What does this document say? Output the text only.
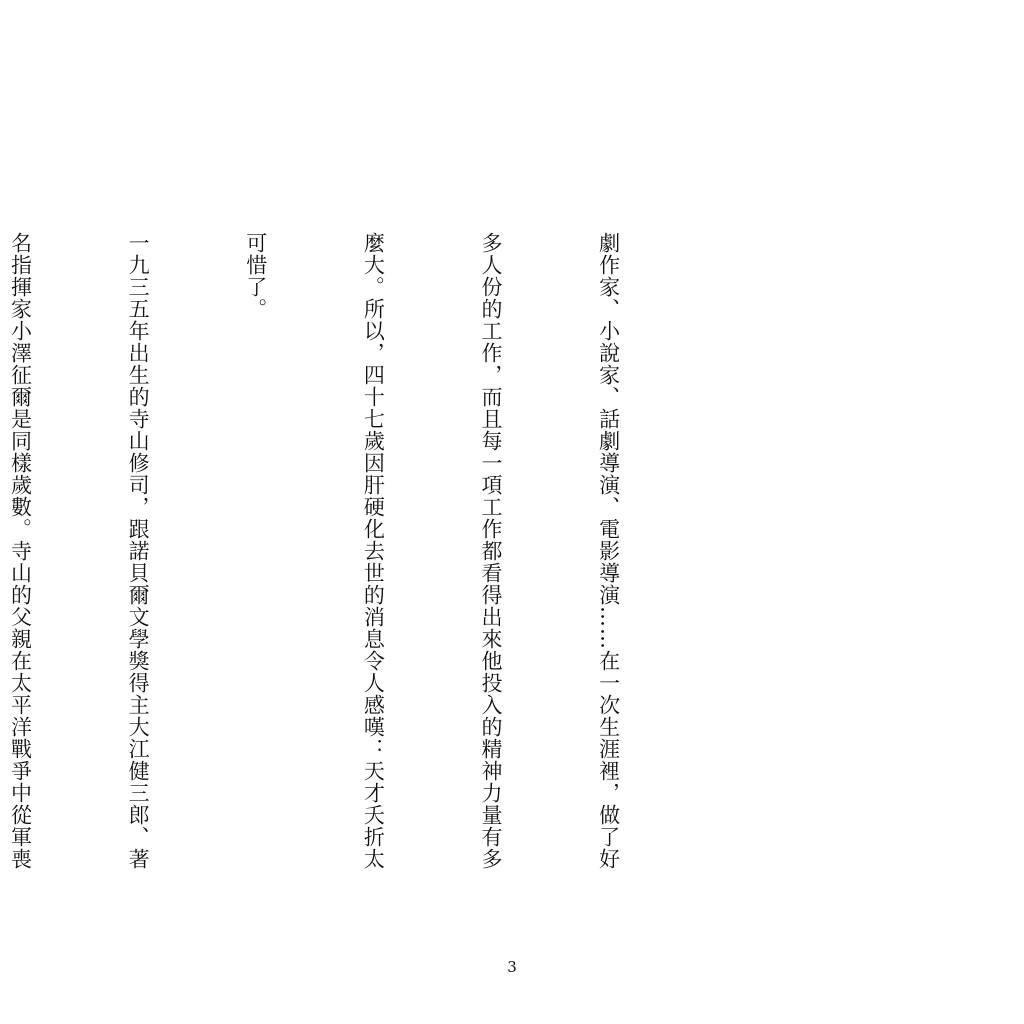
劇作家、小說家、話劇導演、電影導演……在一次生涯裡，做了好

多人份的工作，而且每一項工作都看得出來他投入的精神力量有多

麼大。所以，四十七歲因肝硬化去世的消息令人感嘆：天才夭折太

可惜了。

一九三五年出生的寺山修司，跟諾貝爾文學獎得主大江健三郎、著

名指揮家小澤征爾是同樣歲數。寺山的父親在太平洋戰爭中從軍喪

3
